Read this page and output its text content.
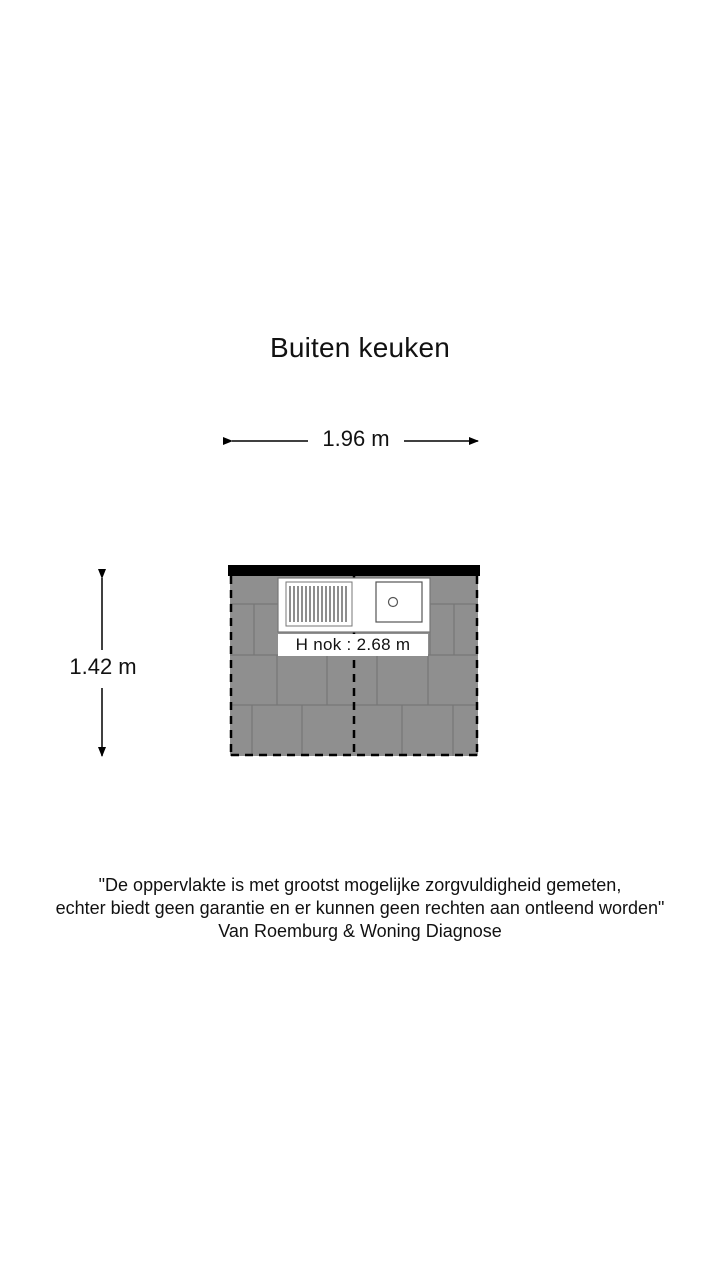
Buiten keuken
1.96 m
1.42 m
H nok : 2.68 m
"De oppervlakte is met grootst mogelijke zorgvuldigheid gemeten,
echter biedt geen garantie en er kunnen geen rechten aan ontleend worden"
Van Roemburg & Woning Diagnose
